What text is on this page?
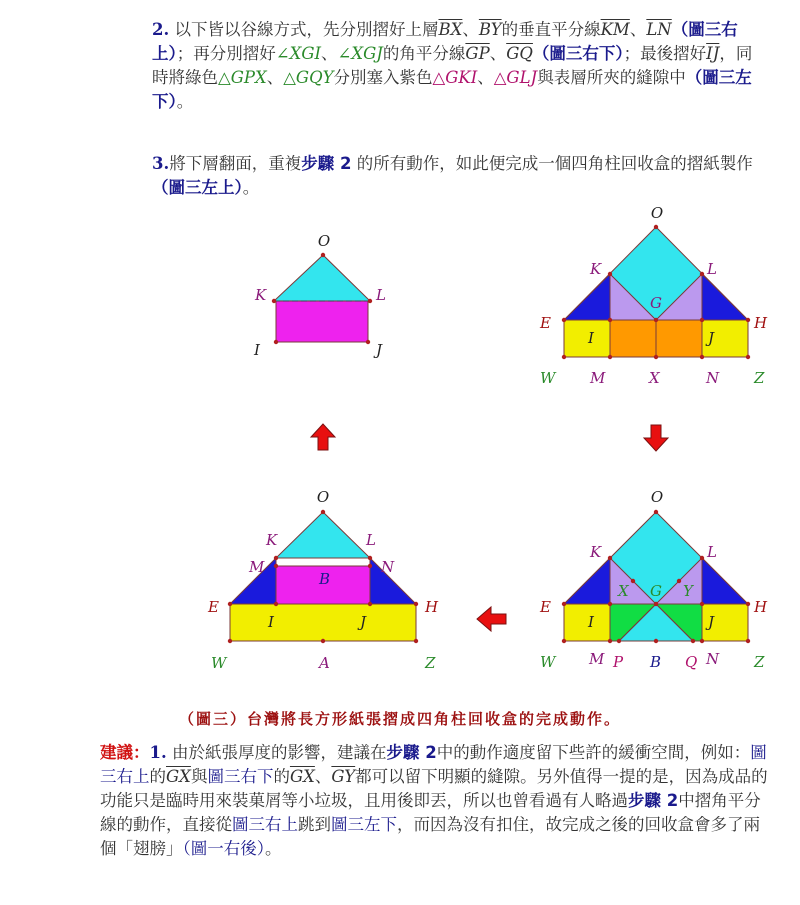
2. 以下皆以谷線方式，先分別摺好上層$\overline{BX}$、$\overline{BY}$的垂直平分線$\overline{KM}$、$\overline{LN}$（圖三右上）；再分別摺好∠XGI、∠XGJ的角平分線$\overline{GP}$、$\overline{GQ}$（圖三右下）；最後摺好$\overline{IJ}$，同時將綠色△GPX、△GQY分別塞入紫色△GKI、△GLJ與表層所夾的縫隙中（圖三左下）。
3.將下層翻面，重複步驟 2 的所有動作，如此便完成一個四角柱回收盒的摺紙製作（圖三左上）。
O
K	L
I	J
O
K	L
G
E	H
I	J
W M	X	N Z
O
K	L
M	N
B
E	H
I	J
W	A	Z
O
K	L
X G Y
E	H
I	J
W M P B Q N Z
（圖三）台灣將長方形紙張摺成四角柱回收盒的完成動作。
建議：1. 由於紙張厚度的影響，建議在步驟 2中的動作適度留下些許的緩衝空間，例如：圖三右上的$\overline{GX}$與圖三右下的$\overline{GX}$、$\overline{GY}$都可以留下明顯的縫隙。另外值得一提的是，因為成品的功能只是臨時用來裝菓屑等小垃圾，且用後即丟，所以也曾看過有人略過步驟 2中摺角平分線的動作，直接從圖三右上跳到圖三左下，而因為沒有扣住，故完成之後的回收盒會多了兩個「翅膀」（圖一右後）。
